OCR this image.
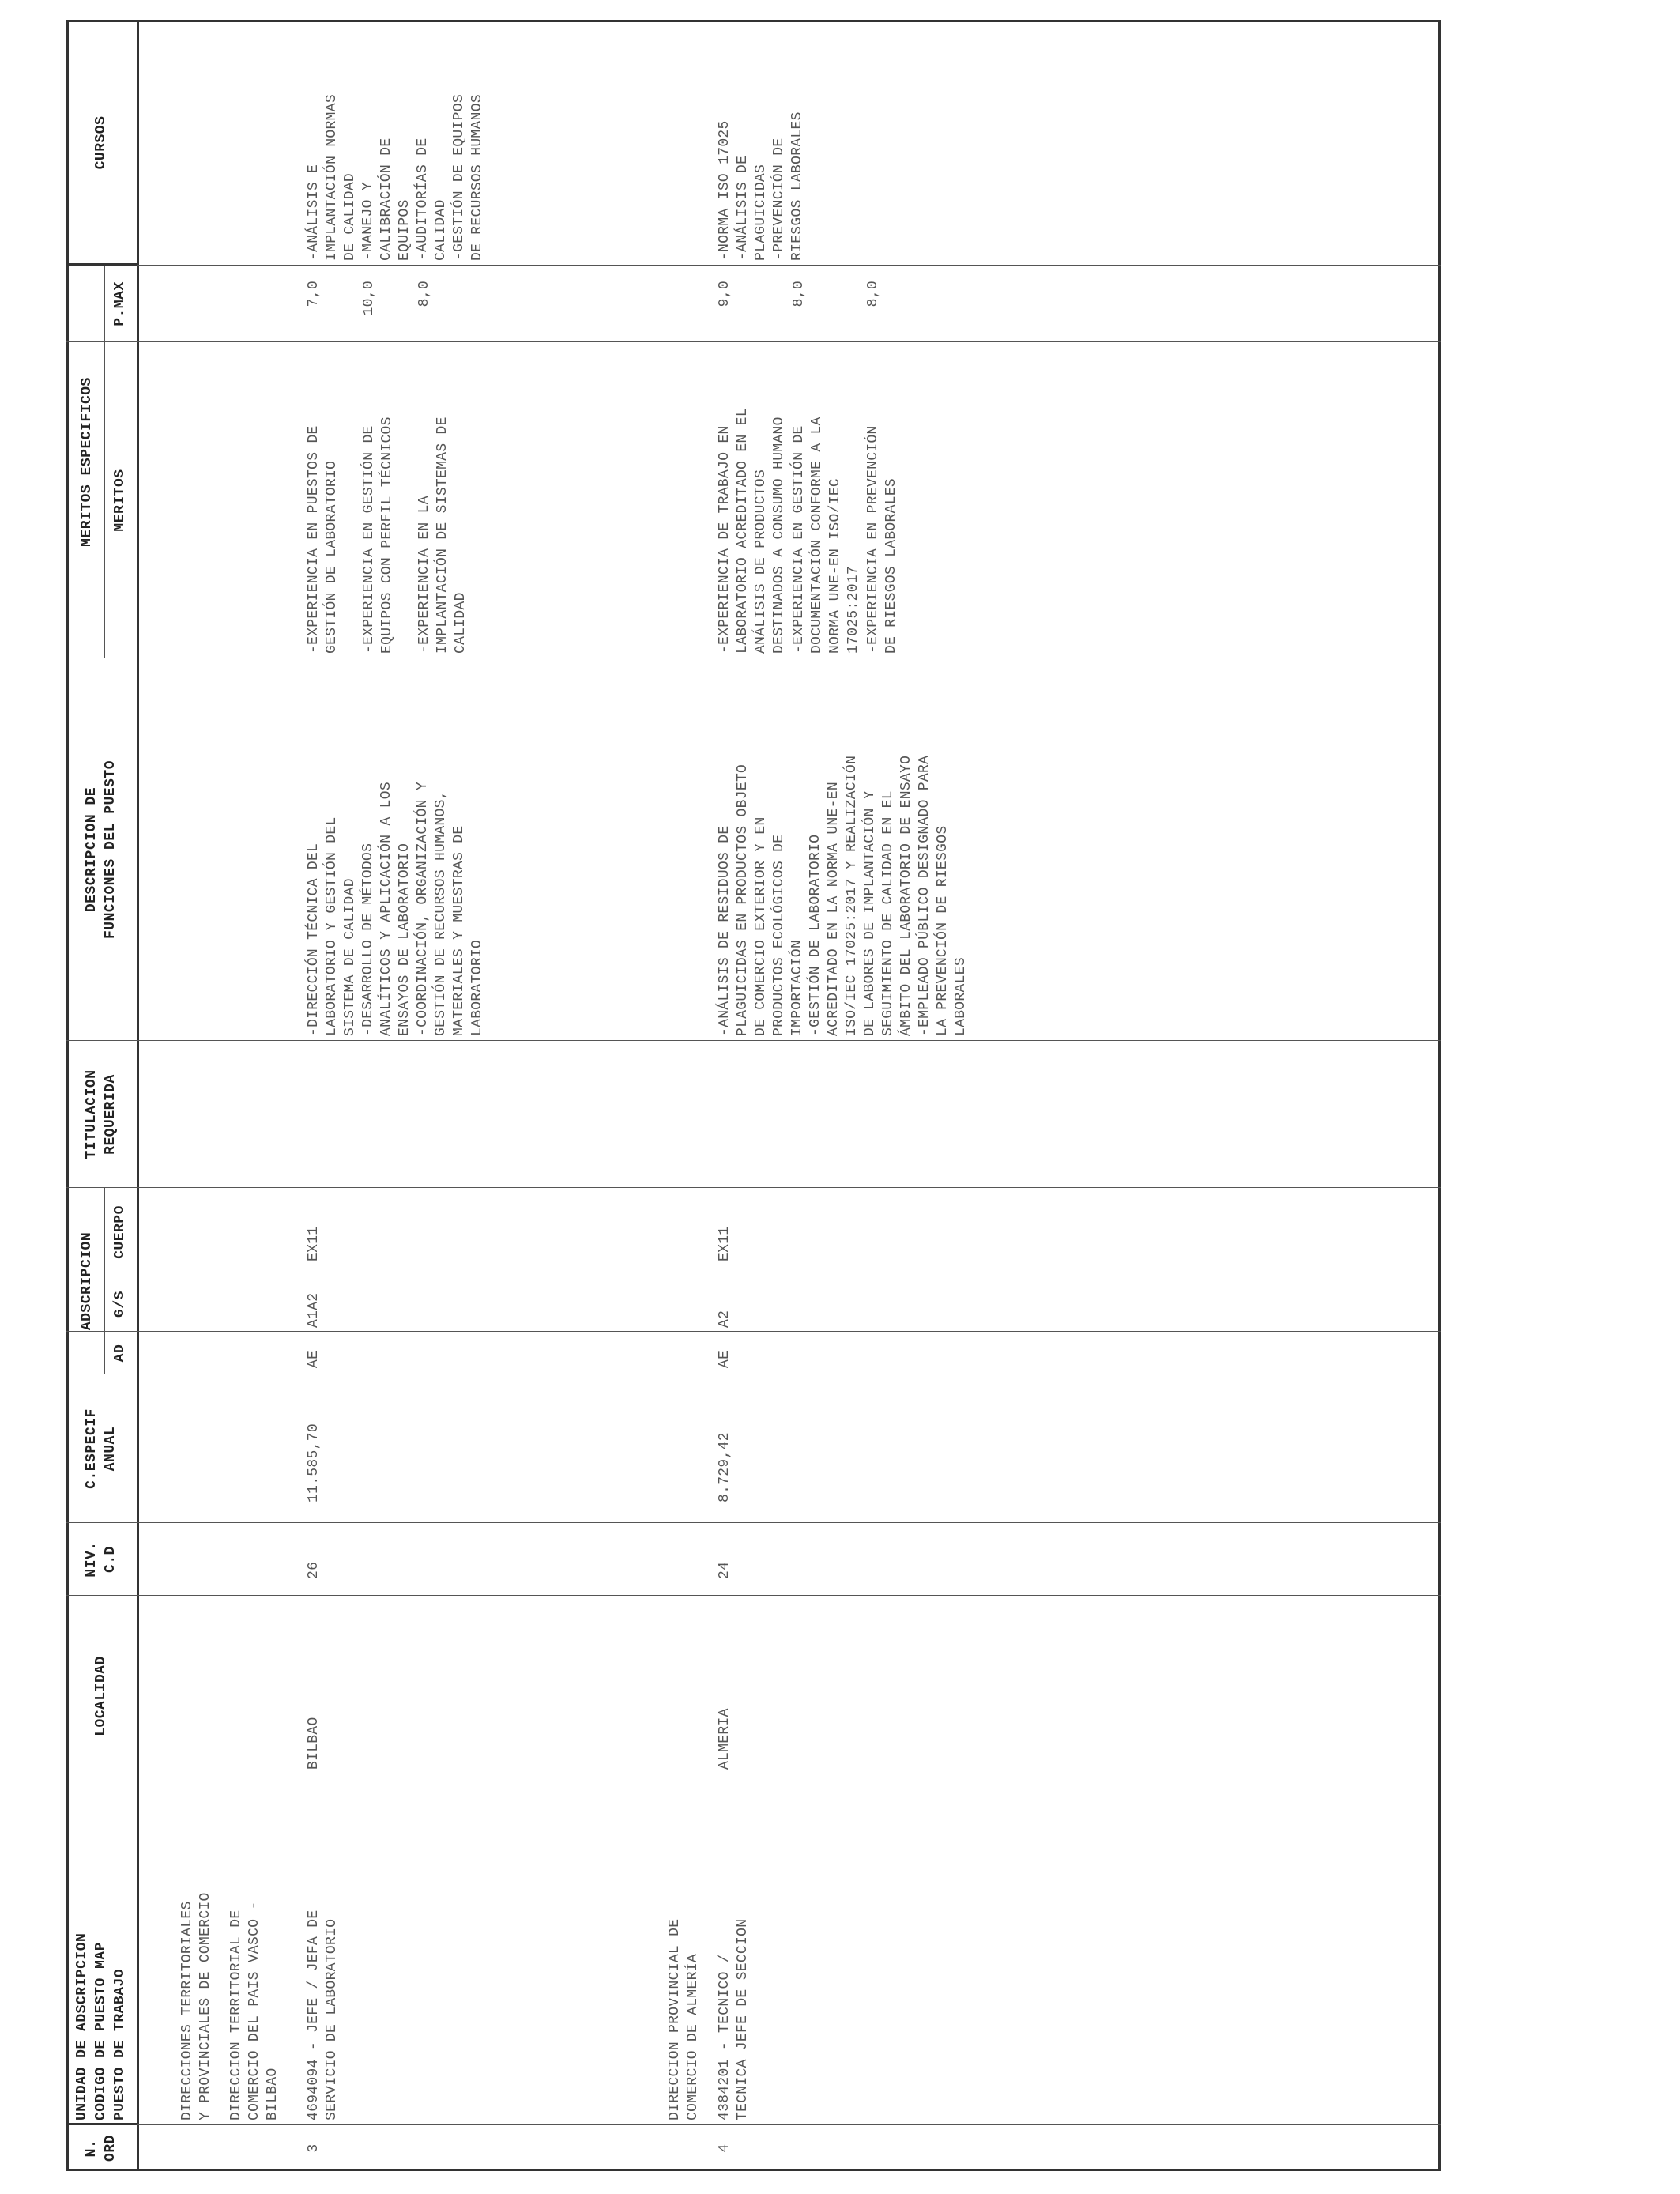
N. ORD
UNIDAD DE ADSCRIPCION CODIGO DE PUESTO MAP PUESTO DE TRABAJO
LOCALIDAD
NIV. C.D
C.ESPECIF ANUAL
ADSCRIPCION
AD
G/S
CUERPO
TITULACION REQUERIDA
DESCRIPCION DE FUNCIONES DEL PUESTO
MERITOS ESPECIFICOS MERITOS
P.MAX
CURSOS
DIRECCIONES TERRITORIALES
Y PROVINCIALES DE COMERCIO
DIRECCION TERRITORIAL DE
COMERCIO DEL PAIS VASCO -
BILBAO	DIRECCION PROVINCIAL DE
COMERCIO DE ALMERÍA
3
4694094 - JEFE / JEFA DE
SERVICIO DE LABORATORIO
BILBAO
26
11.585,70
AE
A1A2
EX11
-DIRECCIÓN TÉCNICA DEL
LABORATORIO Y GESTIÓN DEL
SISTEMA DE CALIDAD
-DESARROLLO DE MÉTODOS
ANALÍTICOS Y APLICACIÓN A LOS
ENSAYOS DE LABORATORIO
-COORDINACIÓN, ORGANIZACIÓN Y
GESTIÓN DE RECURSOS HUMANOS,
MATERIALES Y MUESTRAS DE
LABORATORIO
-EXPERIENCIA EN PUESTOS DE
GESTIÓN DE LABORATORIO
7,0
-EXPERIENCIA EN GESTIÓN DE
EQUIPOS CON PERFIL TÉCNICOS
10,0
-EXPERIENCIA EN LA
IMPLANTACIÓN DE SISTEMAS DE
CALIDAD
8,0
-ANÁLISIS E
IMPLANTACIÓN NORMAS
DE CALIDAD
-MANEJO Y
CALIBRACIÓN DE
EQUIPOS
-AUDITORÍAS DE
CALIDAD
-GESTIÓN DE EQUIPOS
DE RECURSOS HUMANOS
4
4384201 - TECNICO /
TECNICA JEFE DE SECCION
ALMERIA
24
8.729,42
AE
A2
EX11
-ANÁLISIS DE RESIDUOS DE
PLAGUICIDAS EN PRODUCTOS OBJETO
DE COMERCIO EXTERIOR Y EN
PRODUCTOS ECOLÓGICOS DE
IMPORTACIÓN
-GESTIÓN DE LABORATORIO
ACREDITADO EN LA NORMA UNE-EN
ISO/IEC 17025:2017 Y REALIZACIÓN
DE LABORES DE IMPLANTACIÓN Y
SEGUIMIENTO DE CALIDAD EN EL
ÁMBITO DEL LABORATORIO DE ENSAYO
-EMPLEADO PÚBLICO DESIGNADO PARA
LA PREVENCIÓN DE RIESGOS
LABORALES
-EXPERIENCIA DE TRABAJO EN
LABORATORIO ACREDITADO EN EL
ANÁLISIS DE PRODUCTOS
DESTINADOS A CONSUMO HUMANO
9,0
-EXPERIENCIA EN GESTIÓN DE
DOCUMENTACIÓN CONFORME A LA
NORMA UNE-EN ISO/IEC
17025:2017
8,0
-EXPERIENCIA EN PREVENCIÓN
DE RIESGOS LABORALES
8,0
-NORMA ISO 17025
-ANÁLISIS DE
PLAGUICIDAS
-PREVENCIÓN DE
RIESGOS LABORALES
